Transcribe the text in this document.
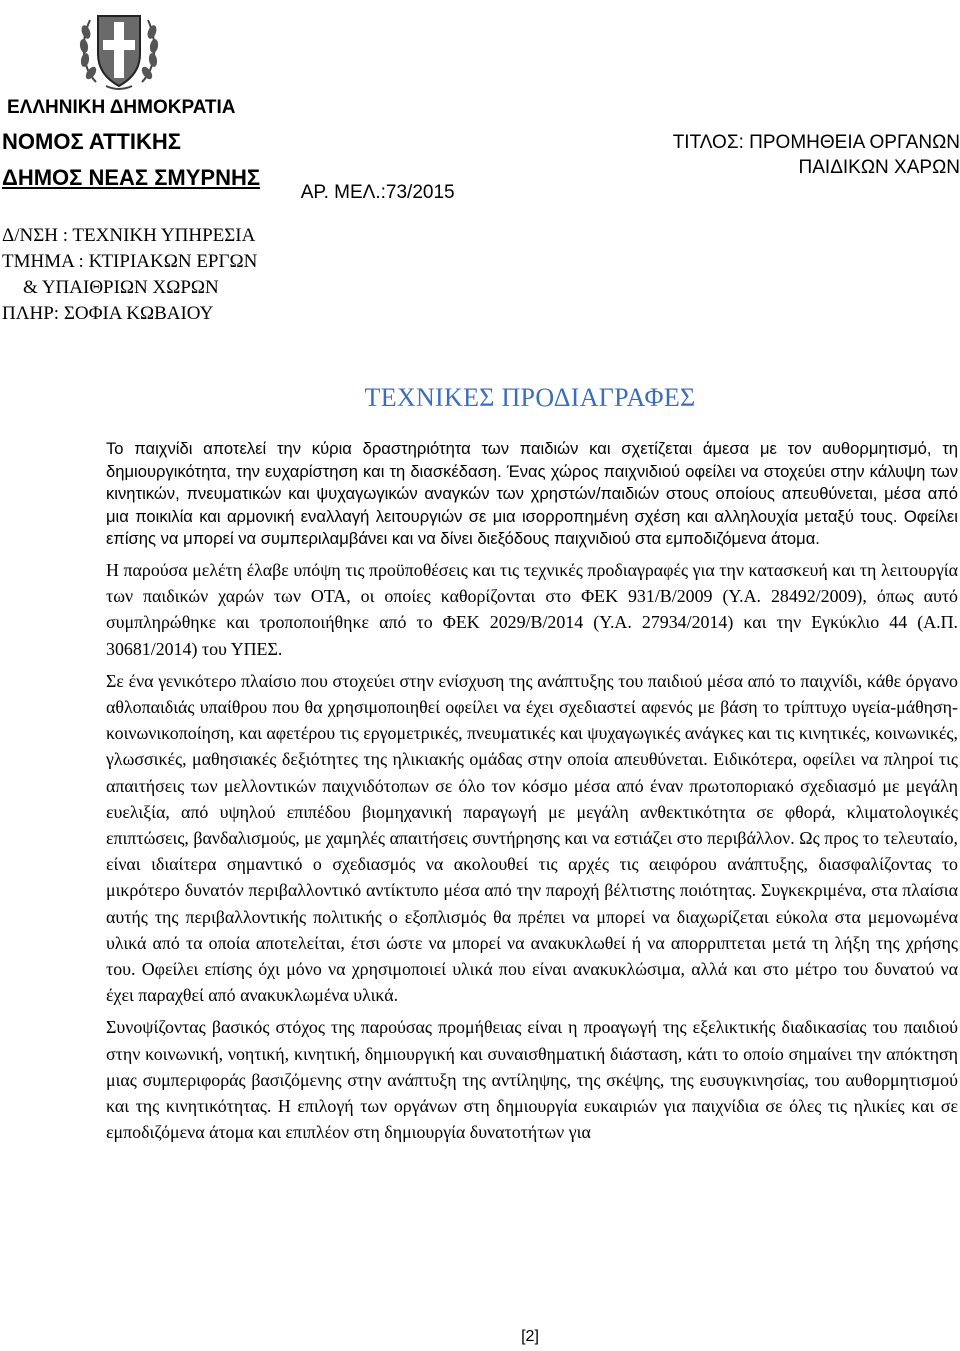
ΕΛΛΗΝΙΚΗ ΔΗΜΟΚΡΑΤΙΑ
ΝΟΜΟΣ ΑΤΤΙΚΗΣ
ΔΗΜΟΣ ΝΕΑΣ ΣΜΥΡΝΗΣ
ΤΙΤΛΟΣ: ΠΡΟΜΗΘΕΙΑ ΟΡΓΑΝΩΝ
ΠΑΙΔΙΚΩΝ ΧΑΡΩΝ
ΑΡ. ΜΕΛ.:73/2015
Δ/ΝΣΗ : ΤΕΧΝΙΚΗ ΥΠΗΡΕΣΙΑ
ΤΜΗΜΑ : ΚΤΙΡΙΑΚΩΝ ΕΡΓΩΝ
& ΥΠΑΙΘΡΙΩΝ ΧΩΡΩΝ
ΠΛΗΡ: ΣΟΦΙΑ ΚΩΒΑΙΟΥ
ΤΕΧΝΙΚΕΣ ΠΡΟΔΙΑΓΡΑΦΕΣ

Το παιχνίδι αποτελεί την κύρια δραστηριότητα των παιδιών και σχετίζεται άμεσα με τον αυθορμητισμό, τη δημιουργικότητα, την ευχαρίστηση και τη διασκέδαση. Ένας χώρος παιχνιδιού οφείλει να στοχεύει στην κάλυψη των κινητικών, πνευματικών και ψυχαγωγικών αναγκών των χρηστών/παιδιών στους οποίους απευθύνεται, μέσα από μια ποικιλία και αρμονική εναλλαγή λειτουργιών σε μια ισορροπημένη σχέση και αλληλουχία μεταξύ τους. Οφείλει επίσης να μπορεί να συμπεριλαμβάνει και να δίνει διεξόδους παιχνιδιού στα εμποδιζόμενα άτομα.

Η παρούσα μελέτη έλαβε υπόψη τις προϋποθέσεις και τις τεχνικές προδιαγραφές για την κατασκευή και τη λειτουργία των παιδικών χαρών των ΟΤΑ, οι οποίες καθορίζονται στο ΦΕΚ 931/Β/2009 (Υ.Α. 28492/2009), όπως αυτό συμπληρώθηκε και τροποποιήθηκε από το ΦΕΚ 2029/Β/2014 (Υ.Α. 27934/2014) και την Εγκύκλιο 44 (Α.Π. 30681/2014) του ΥΠΕΣ.

Σε ένα γενικότερο πλαίσιο που στοχεύει στην ενίσχυση της ανάπτυξης του παιδιού μέσα από το παιχνίδι, κάθε όργανο αθλοπαιδιάς υπαίθρου που θα χρησιμοποιηθεί οφείλει να έχει σχεδιαστεί αφενός με βάση το τρίπτυχο υγεία-μάθηση-κοινωνικοποίηση, και αφετέρου τις εργομετρικές, πνευματικές και ψυχαγωγικές ανάγκες και τις κινητικές, κοινωνικές, γλωσσικές, μαθησιακές δεξιότητες της ηλικιακής ομάδας στην οποία απευθύνεται. Ειδικότερα, οφείλει να πληροί τις απαιτήσεις των μελλοντικών παιχνιδότοπων σε όλο τον κόσμο μέσα από έναν πρωτοποριακό σχεδιασμό με μεγάλη ευελιξία, από υψηλού επιπέδου βιομηχανική παραγωγή με μεγάλη ανθεκτικότητα σε φθορά, κλιματολογικές επιπτώσεις, βανδαλισμούς, με χαμηλές απαιτήσεις συντήρησης και να εστιάζει στο περιβάλλον. Ως προς το τελευταίο, είναι ιδιαίτερα σημαντικό ο σχεδιασμός να ακολουθεί τις αρχές τις αειφόρου ανάπτυξης, διασφαλίζοντας το μικρότερο δυνατόν περιβαλλοντικό αντίκτυπο μέσα από την παροχή βέλτιστης ποιότητας. Συγκεκριμένα, στα πλαίσια αυτής της περιβαλλοντικής πολιτικής ο εξοπλισμός θα πρέπει να μπορεί να διαχωρίζεται εύκολα στα μεμονωμένα υλικά από τα οποία αποτελείται, έτσι ώστε να μπορεί να ανακυκλωθεί ή να απορριπτεται μετά τη λήξη της χρήσης του. Οφείλει επίσης όχι μόνο να χρησιμοποιεί υλικά που είναι ανακυκλώσιμα, αλλά και στο μέτρο του δυνατού να έχει παραχθεί από ανακυκλωμένα υλικά.

Συνοψίζοντας βασικός στόχος της παρούσας προμήθειας είναι η προαγωγή της εξελικτικής διαδικασίας του παιδιού στην κοινωνική, νοητική, κινητική, δημιουργική και συναισθηματική διάσταση, κάτι το οποίο σημαίνει την απόκτηση μιας συμπεριφοράς βασιζόμενης στην ανάπτυξη της αντίληψης, της σκέψης, της ευσυγκινησίας, του αυθορμητισμού και της κινητικότητας. Η επιλογή των οργάνων στη δημιουργία ευκαιριών για παιχνίδια σε όλες τις ηλικίες και σε εμποδιζόμενα άτομα και επιπλέον στη δημιουργία δυνατοτήτων για

[2]
